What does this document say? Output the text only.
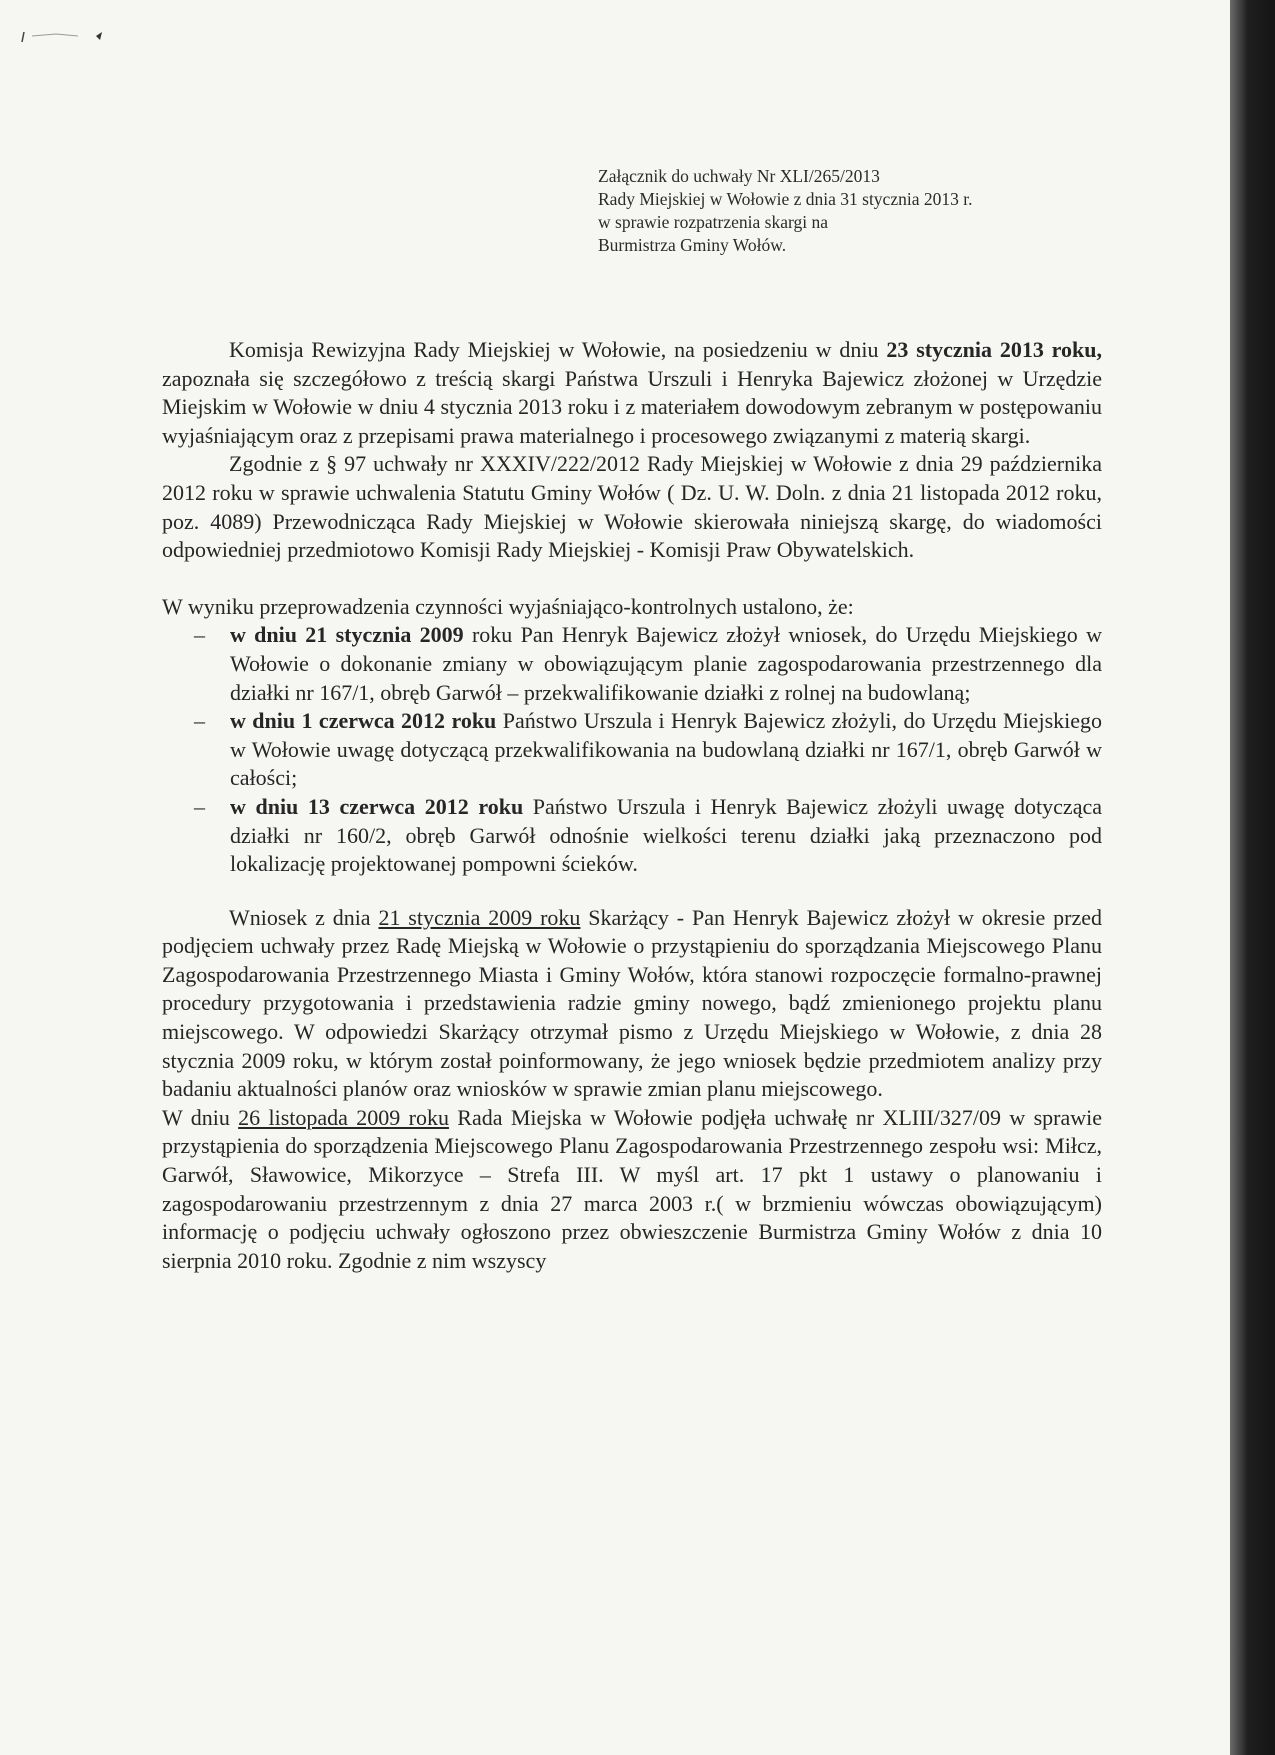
Załącznik do uchwały Nr XLI/265/2013
Rady Miejskiej w Wołowie z dnia 31 stycznia 2013 r.
w sprawie rozpatrzenia skargi na
Burmistrza Gminy Wołów.

Komisja Rewizyjna Rady Miejskiej w Wołowie, na posiedzeniu w dniu 23 stycznia 2013 roku, zapoznała się szczegółowo z treścią skargi Państwa Urszuli i Henryka Bajewicz złożonej w Urzędzie Miejskim w Wołowie w dniu 4 stycznia 2013 roku i z materiałem dowodowym zebranym w postępowaniu wyjaśniającym oraz z przepisami prawa materialnego i procesowego związanymi z materią skargi.

Zgodnie z § 97 uchwały nr XXXIV/222/2012 Rady Miejskiej w Wołowie z dnia 29 października 2012 roku w sprawie uchwalenia Statutu Gminy Wołów ( Dz. U. W. Doln. z dnia 21 listopada 2012 roku, poz. 4089) Przewodnicząca Rady Miejskiej w Wołowie skierowała niniejszą skargę, do wiadomości odpowiedniej przedmiotowo Komisji Rady Miejskiej - Komisji Praw Obywatelskich.

W wyniku przeprowadzenia czynności wyjaśniająco-kontrolnych ustalono, że:

– w dniu 21 stycznia 2009 roku Pan Henryk Bajewicz złożył wniosek, do Urzędu Miejskiego w Wołowie o dokonanie zmiany w obowiązującym planie zagospodarowania przestrzennego dla działki nr 167/1, obręb Garwół – przekwalifikowanie działki z rolnej na budowlaną;
– w dniu 1 czerwca 2012 roku Państwo Urszula i Henryk Bajewicz złożyli, do Urzędu Miejskiego w Wołowie uwagę dotyczącą przekwalifikowania na budowlaną działki nr 167/1, obręb Garwół w całości;
– w dniu 13 czerwca 2012 roku Państwo Urszula i Henryk Bajewicz złożyli uwagę dotycząca działki nr 160/2, obręb Garwół odnośnie wielkości terenu działki jaką przeznaczono pod lokalizację projektowanej pompowni ścieków.

Wniosek z dnia 21 stycznia 2009 roku Skarżący - Pan Henryk Bajewicz złożył w okresie przed podjęciem uchwały przez Radę Miejską w Wołowie o przystąpieniu do sporządzania Miejscowego Planu Zagospodarowania Przestrzennego Miasta i Gminy Wołów, która stanowi rozpoczęcie formalno-prawnej procedury przygotowania i przedstawienia radzie gminy nowego, bądź zmienionego projektu planu miejscowego. W odpowiedzi Skarżący otrzymał pismo z Urzędu Miejskiego w Wołowie, z dnia 28 stycznia 2009 roku, w którym został poinformowany, że jego wniosek będzie przedmiotem analizy przy badaniu aktualności planów oraz wniosków w sprawie zmian planu miejscowego.

W dniu 26 listopada 2009 roku Rada Miejska w Wołowie podjęła uchwałę nr XLIII/327/09 w sprawie przystąpienia do sporządzenia Miejscowego Planu Zagospodarowania Przestrzennego zespołu wsi: Miłcz, Garwół, Sławowice, Mikorzyce – Strefa III. W myśl art. 17 pkt 1 ustawy o planowaniu i zagospodarowaniu przestrzennym z dnia 27 marca 2003 r.( w brzmieniu wówczas obowiązującym) informację o podjęciu uchwały ogłoszono przez obwieszczenie Burmistrza Gminy Wołów z dnia 10 sierpnia 2010 roku. Zgodnie z nim wszyscy
